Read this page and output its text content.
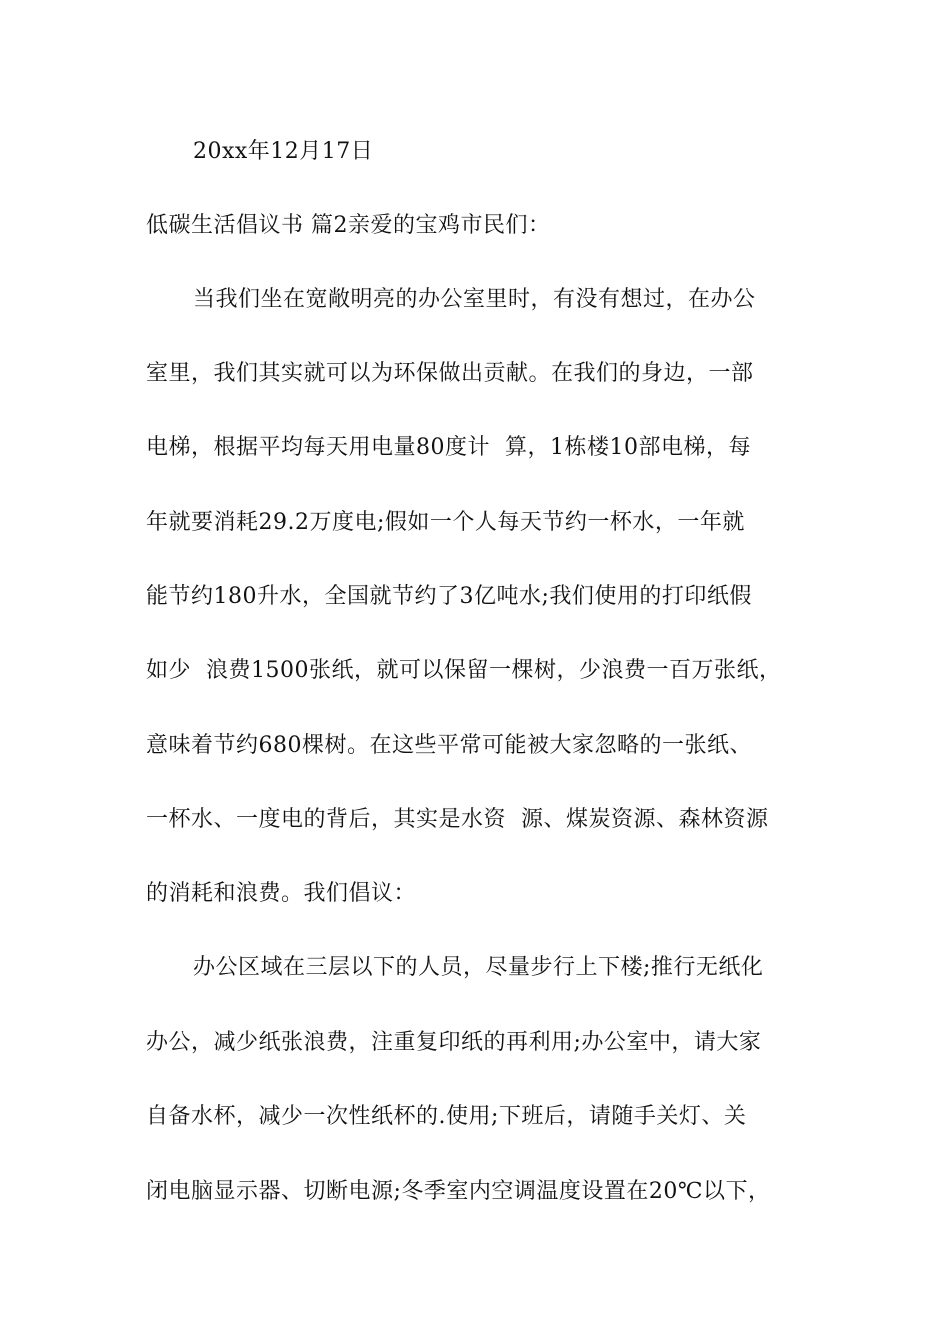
20xx年12月17日
低碳生活倡议书 篇2亲爱的宝鸡市民们：
当我们坐在宽敞明亮的办公室里时，有没有想过，在办公
室里，我们其实就可以为环保做出贡献。在我们的身边，一部
电梯，根据平均每天用电量80度计  算，1栋楼10部电梯，每
年就要消耗29.2万度电;假如一个人每天节约一杯水，一年就
能节约180升水，全国就节约了3亿吨水;我们使用的打印纸假
如少  浪费1500张纸，就可以保留一棵树，少浪费一百万张纸，
意味着节约680棵树。在这些平常可能被大家忽略的一张纸、
一杯水、一度电的背后，其实是水资  源、煤炭资源、森林资源
的消耗和浪费。我们倡议：
办公区域在三层以下的人员，尽量步行上下楼;推行无纸化
办公，减少纸张浪费，注重复印纸的再利用;办公室中，请大家
自备水杯，减少一次性纸杯的.使用;下班后，请随手关灯、关
闭电脑显示器、切断电源;冬季室内空调温度设置在20℃以下，
